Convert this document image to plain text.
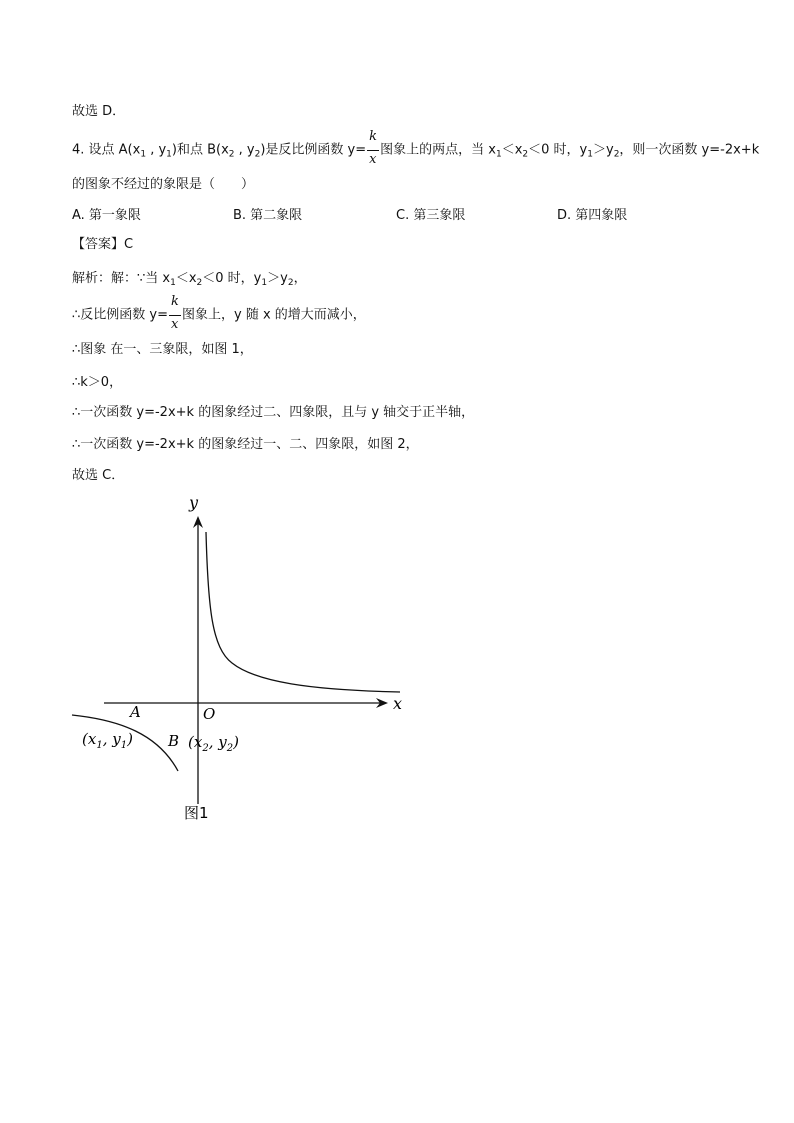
故选 D．
4. 设点 $A(x_1$ , $y_1$)和点 $B(x_2$ , $y_2$)是反比例函数 $y= \frac{k}{x}$ 图象上的两点，当 $x_1<x_2<0$ 时，$y_1>y_2$，则一次函数 y=-2x+k
的图象不经过的象限是（　　）
A. 第一象限	B. 第二象限	C. 第三象限	D. 第四象限
【答案】C
解析：解：∵当 $x_1<x_2<0$ 时，$y_1>y_2$，
∴反比例函数 $y= \frac{k}{x}$ 图象上，y 随 x 的增大而减小，
∴图象 在一、三象限，如图 1，
∴k＞0，
∴一次函数 y=-2x+k 的图象经过二、四象限，且与 y 轴交于正半轴，
∴一次函数 y=-2x+k 的图象经过一、二、四象限，如图 2，
故选 C．
y
x
O
A
B
($x_1$, $y_1$)	($x_2$, $y_2$)
图1
